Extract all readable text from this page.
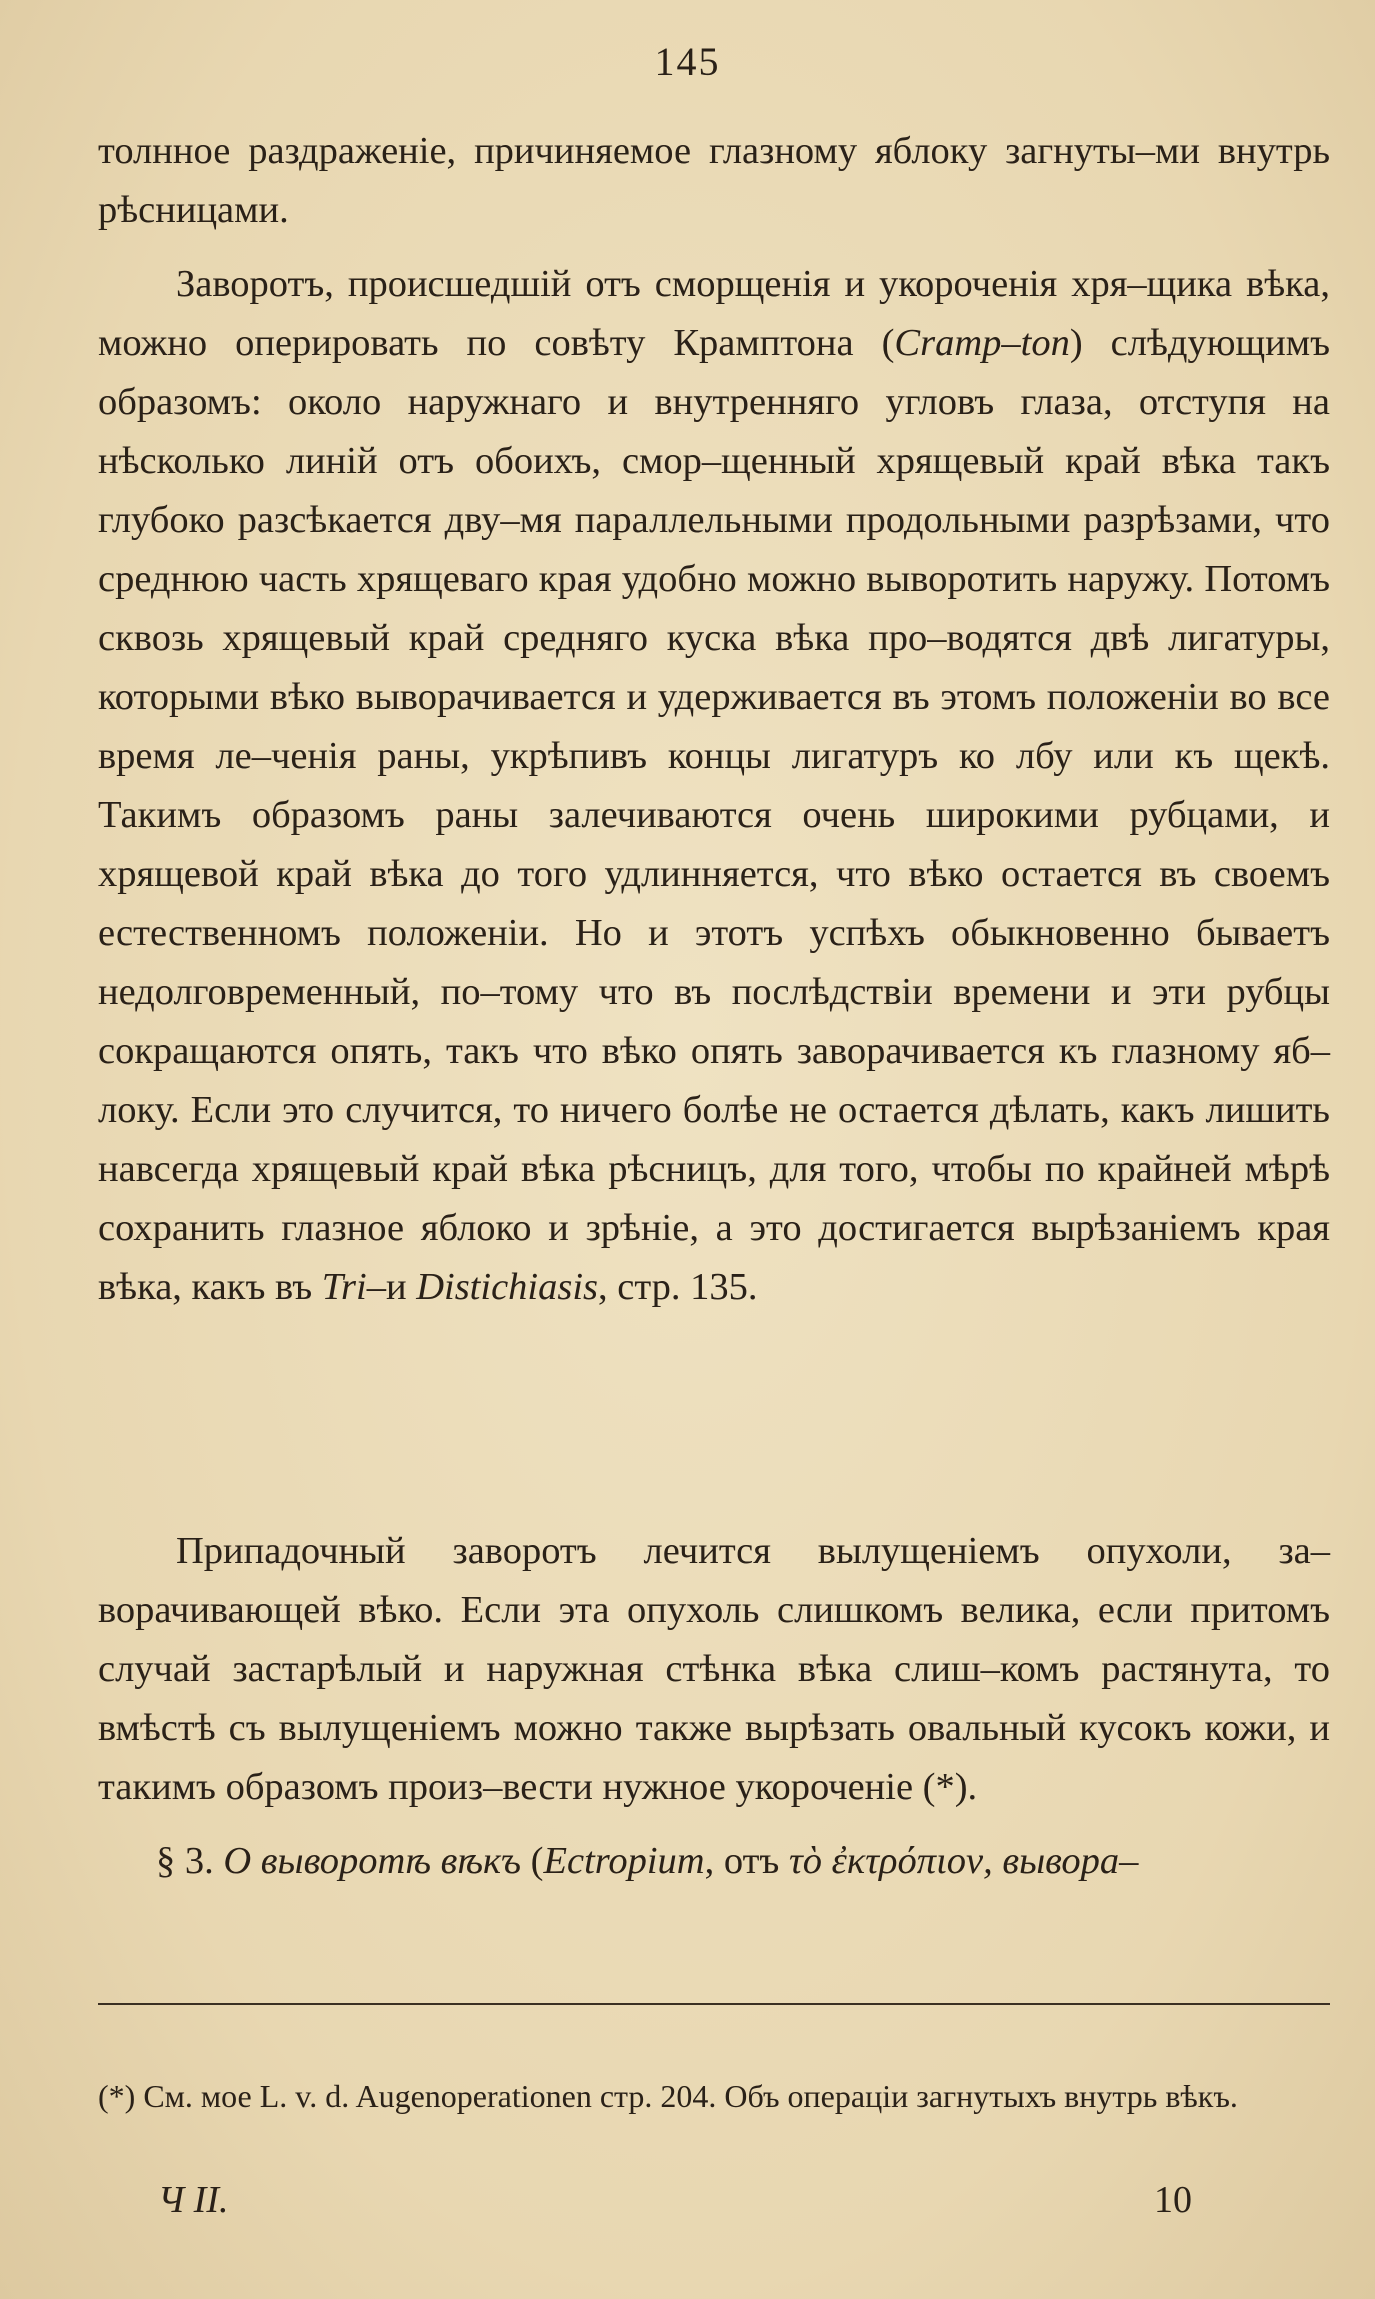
145

толнное раздраженіе, причиняемое глазному яблоку загнуты–ми внутрь рѣсницами.

Заворотъ, происшедшій отъ сморщенія и укороченія хря–щика вѣка, можно оперировать по совѣту Крамптона (Cramp–ton) слѣдующимъ образомъ: около наружнаго и внутренняго угловъ глаза, отступя на нѣсколько линій отъ обоихъ, смор–щенный хрящевый край вѣка такъ глубоко разсѣкается дву–мя параллельными продольными разрѣзами, что среднюю часть хрящеваго края удобно можно выворотить наружу. Потомъ сквозь хрящевый край средняго куска вѣка про–водятся двѣ лигатуры, которыми вѣко выворачивается и удерживается въ этомъ положеніи во все время ле–ченія раны, укрѣпивъ концы лигатуръ ко лбу или къ щекѣ. Такимъ образомъ раны залечиваются очень широкими рубцами, и хрящевой край вѣка до того удлинняется, что вѣко остается въ своемъ естественномъ положеніи. Но и этотъ успѣхъ обыкновенно бываетъ недолговременный, по–тому что въ послѣдствіи времени и эти рубцы сокращаются опять, такъ что вѣко опять заворачивается къ глазному яб–локу. Если это случится, то ничего болѣе не остается дѣлать, какъ лишить навсегда хрящевый край вѣка рѣсницъ, для того, чтобы по крайней мѣрѣ сохранить глазное яблоко и зрѣніе, а это достигается вырѣзаніемъ края вѣка, какъ въ Tri–и Distichiasis, стр. 135.

Припадочный заворотъ лечится вылущеніемъ опухоли, за–ворачивающей вѣко. Если эта опухоль слишкомъ велика, если притомъ случай застарѣлый и наружная стѣнка вѣка слиш–комъ растянута, то вмѣстѣ съ вылущеніемъ можно также вырѣзать овальный кусокъ кожи, и такимъ образомъ произ–вести нужное укороченіе (*).

§ 3. О выворотѣ вѣкъ (Ectropium, отъ τὸ ἐκτρόπιον, вывора–

(*) См. мое L. v. d. Augenoperationen стр. 204. Объ операціи загнутыхъ внутрь вѣкъ.
Ч II.	10
